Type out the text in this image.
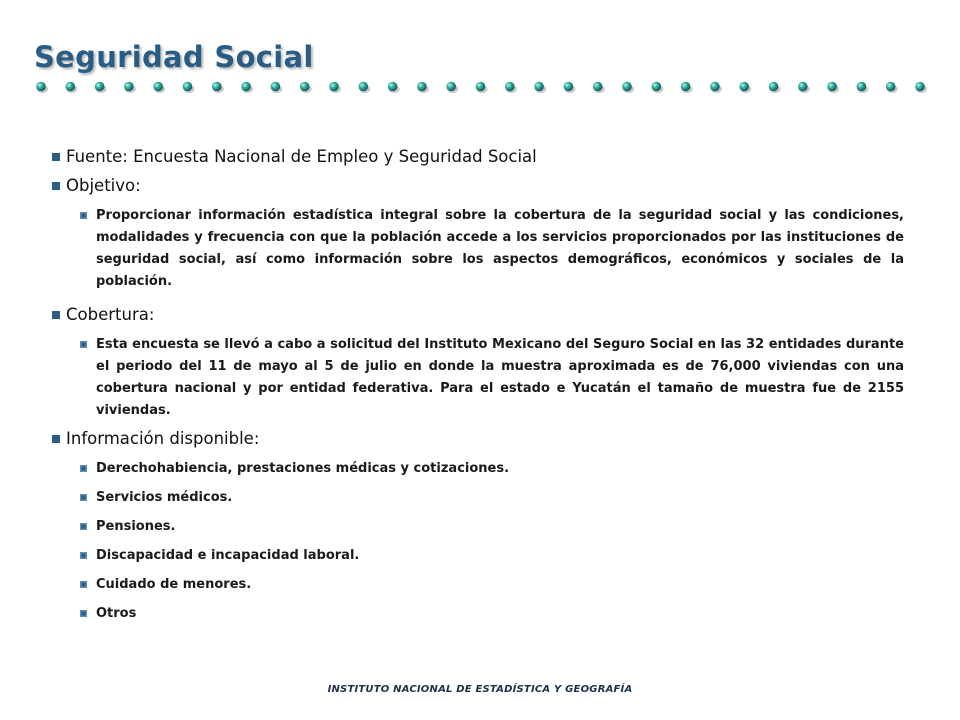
Seguridad Social
Fuente: Encuesta Nacional de Empleo y Seguridad Social
Objetivo:
Proporcionar información estadística integral sobre la cobertura de la seguridad social y las condiciones, modalidades y frecuencia con que la población accede a los servicios proporcionados por las instituciones de seguridad social, así como información sobre los aspectos demográficos, económicos y sociales de la población.
Cobertura:
Esta encuesta se llevó a cabo a solicitud del Instituto Mexicano del Seguro Social en las 32 entidades durante el periodo del 11 de mayo al 5 de julio en donde la muestra aproximada es de 76,000 viviendas con una cobertura nacional y por entidad federativa. Para el estado e Yucatán el tamaño de muestra fue de 2155 viviendas.
Información disponible:
Derechohabiencia, prestaciones médicas y cotizaciones.
Servicios médicos.
Pensiones.
Discapacidad e incapacidad laboral.
Cuidado de menores.
Otros
INSTITUTO NACIONAL DE ESTADÍSTICA Y GEOGRAFÍA
